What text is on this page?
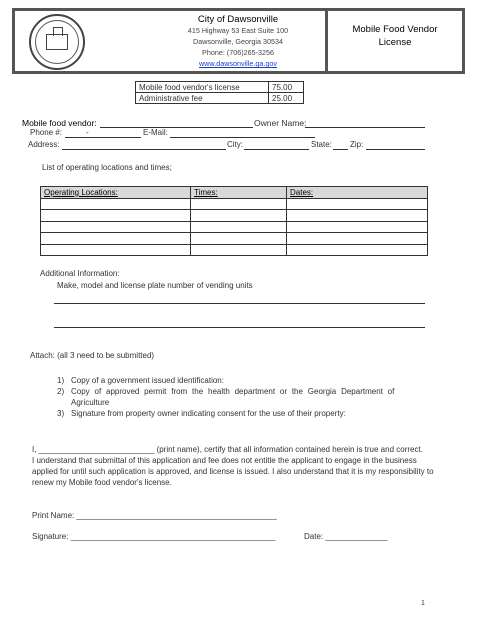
City of Dawsonville
415 Highway 53 East Suite 100
Dawsonville, Georgia 30534
Phone: (706)265-3256
www.dawsonville.ga.gov
Mobile Food Vendor
License
Mobile food vendor's license	75.00
Administrative fee	25.00
Mobile food vendor:	Owner Name:
Phone #:	-	E-Mail:
Address:	City:	State: Zip:
List of operating locations and times;
Operating Locations:	Times:	Dates:

Additional Information:
Make, model and license plate number of vending units
Attach: (all 3 need to be submitted)
1) Copy of a government issued identification:
2) Copy of approved permit from the health department or the Georgia Department of
Agriculture
3) Signature from property owner indicating consent for the use of their property:
I, __________________________ (print name), certify that all information contained herein is true and correct.
I understand that submittal of this application and fee does not entitle the applicant to engage in the business
applied for until such application is approved, and license is issued. I also understand that it is my responsibility to
renew my Mobile food vendor's license.
Print Name: _____________________________________________
Signature: ______________________________________________	Date: ______________
1
